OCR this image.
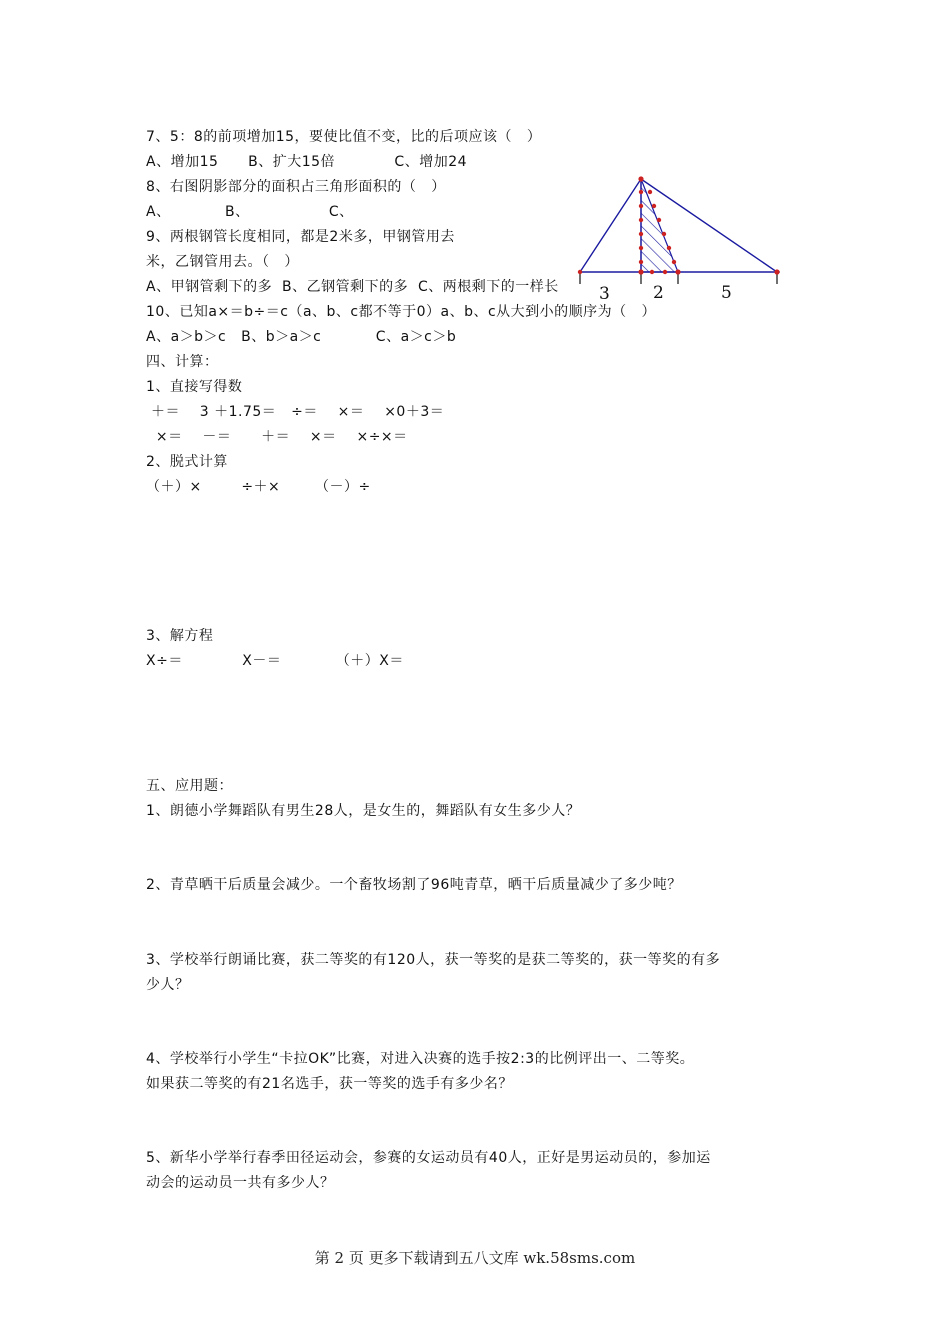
7、5：8的前项增加15，要使比值不变，比的后项应该（   ）
A、增加15      B、扩大15倍            C、增加24
8、右图阴影部分的面积占三角形面积的（   ）
A、           B、                C、
9、两根钢管长度相同，都是2米多，甲钢管用去
米，乙钢管用去。（   ）
A、甲钢管剩下的多  B、乙钢管剩下的多  C、两根剩下的一样长
10、已知a×＝b÷＝c（a、b、c都不等于0）a、b、c从大到小的顺序为（   ）
A、a＞b＞c   B、b＞a＞c           C、a＞c＞b
四、计算：
1、直接写得数
＋＝    3 ＋1.75＝   ÷＝    ×＝    ×0＋3＝
×＝    －＝      ＋＝    ×＝    ×÷×＝
2、脱式计算
（＋）×        ÷＋×       （－）÷
3、解方程
X÷＝            X－＝           （＋）X＝
五、应用题：
1、朗德小学舞蹈队有男生28人，是女生的，舞蹈队有女生多少人？
2、青草晒干后质量会减少。一个畜牧场割了96吨青草，晒干后质量减少了多少吨？
3、学校举行朗诵比赛，获二等奖的有120人，获一等奖的是获二等奖的，获一等奖的有多
少人？
4、学校举行小学生“卡拉OK”比赛，对进入决赛的选手按2:3的比例评出一、二等奖。
如果获二等奖的有21名选手，获一等奖的选手有多少名？
5、新华小学举行春季田径运动会，参赛的女运动员有40人，正好是男运动员的，参加运
动会的运动员一共有多少人？
3	2	5
第 2 页 更多下载请到五八文库 wk.58sms.com
